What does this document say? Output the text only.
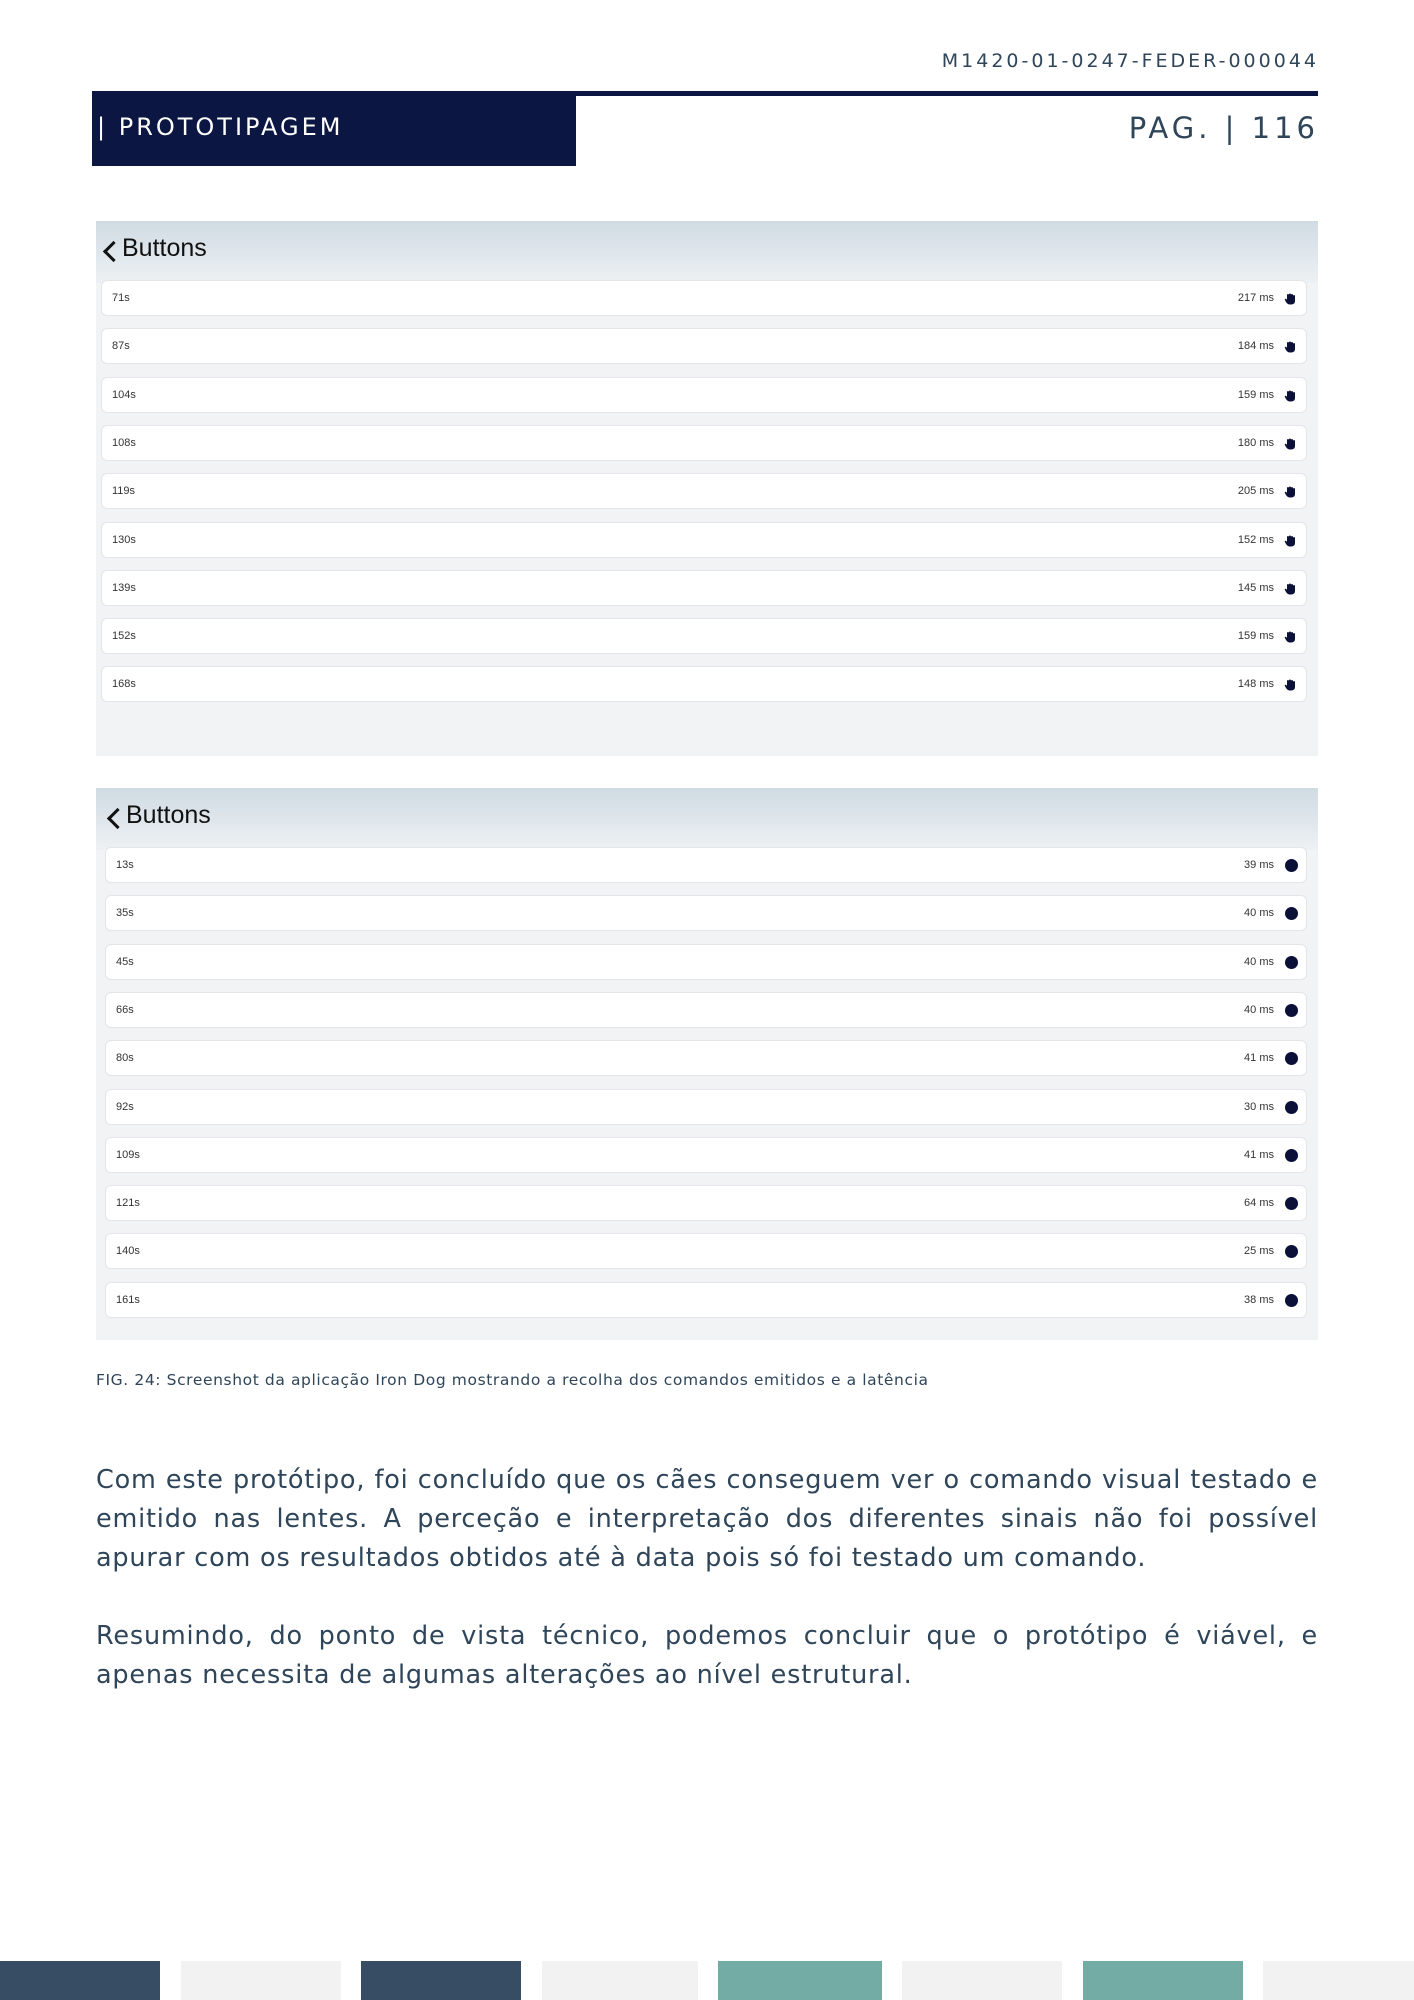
M1420-01-0247-FEDER-000044
| PROTOTIPAGEM	PAG. | 116
Buttons
71s	217 ms
87s	184 ms
104s	159 ms
108s	180 ms
119s	205 ms
130s	152 ms
139s	145 ms
152s	159 ms
168s	148 ms
Buttons
13s	39 ms
35s	40 ms
45s	40 ms
66s	40 ms
80s	41 ms
92s	30 ms
109s	41 ms
121s	64 ms
140s	25 ms
161s	38 ms
FIG. 24: Screenshot da aplicação Iron Dog mostrando a recolha dos comandos emitidos e a latência

Com este protótipo, foi concluído que os cães conseguem ver o comando visual testado e emitido nas lentes. A perceção e interpretação dos diferentes sinais não foi possível apurar com os resultados obtidos até à data pois só foi testado um comando.

Resumindo, do ponto de vista técnico, podemos concluir que o protótipo é viável, e apenas necessita de algumas alterações ao nível estrutural.
